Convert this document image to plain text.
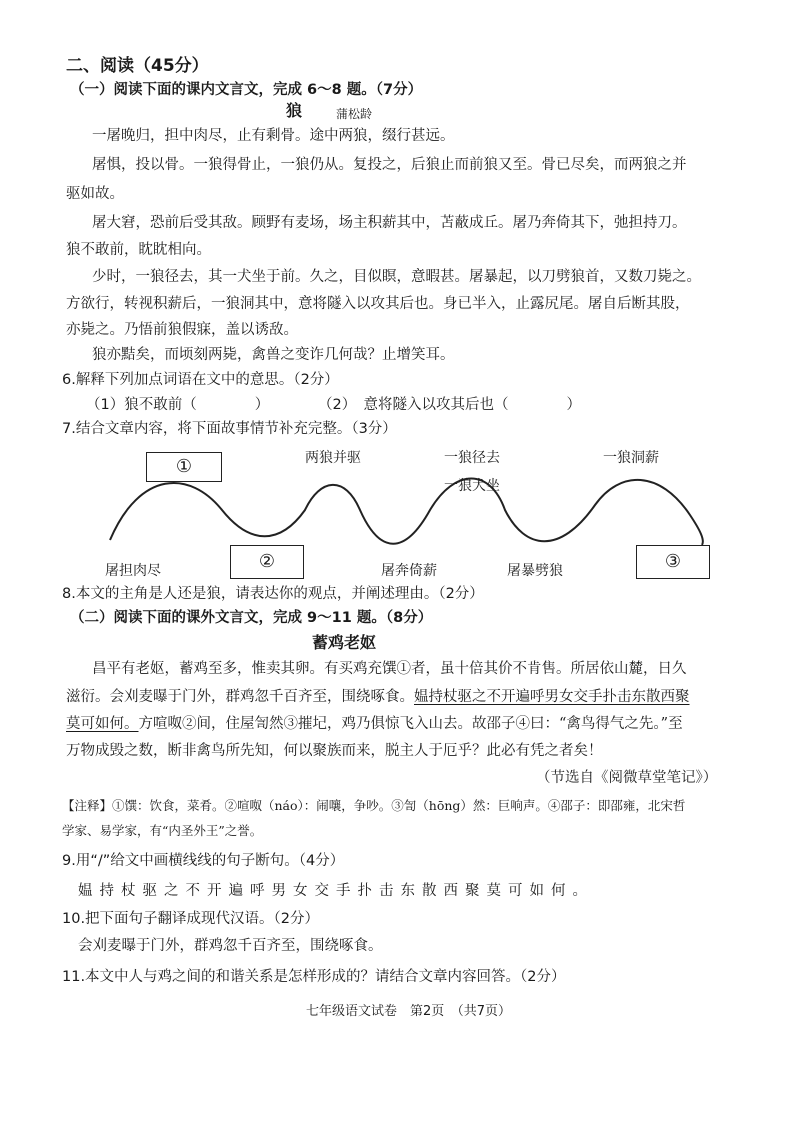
二、阅读（45分）
（一）阅读下面的课内文言文，完成 6～8 题。（7分）
狼	蒲松龄
一屠晚归，担中肉尽，止有剩骨。途中两狼，缀行甚远。
屠惧，投以骨。一狼得骨止，一狼仍从。复投之，后狼止而前狼又至。骨已尽矣，而两狼之并
驱如故。
屠大窘，恐前后受其敌。顾野有麦场，场主积薪其中，苫蔽成丘。屠乃奔倚其下，弛担持刀。
狼不敢前，眈眈相向。
少时，一狼径去，其一犬坐于前。久之，目似瞑，意暇甚。屠暴起，以刀劈狼首，又数刀毙之。
方欲行，转视积薪后，一狼洞其中，意将隧入以攻其后也。身已半入，止露尻尾。屠自后断其股，
亦毙之。乃悟前狼假寐，盖以诱敌。
狼亦黠矣，而顷刻两毙，禽兽之变诈几何哉？止增笑耳。
6.解释下列加点词语在文中的意思。（2分）
（1）狼不敢前（　　　　）	（2）　意将隧入以攻其后也（　　　　）
7.结合文章内容，将下面故事情节补充完整。（3分）
①
②	③
两狼并驱	一狼径去
一狼犬坐
一狼洞薪
屠担肉尽	屠奔倚薪	屠暴劈狼
8.本文的主角是人还是狼，请表达你的观点，并阐述理由。（2分）
（二）阅读下面的课外文言文，完成 9～11 题。（8分）
蓄鸡老妪
昌平有老妪，蓄鸡至多，惟卖其卵。有买鸡充馔①者，虽十倍其价不肯售。所居依山麓，日久
滋衍。会刈麦曝于门外，群鸡忽千百齐至，围绕啄食。媪持杖驱之不开遍呼男女交手扑击东散西聚
莫可如何。方喧呶②间，住屋訇然③摧圮，鸡乃俱惊飞入山去。故邵子④曰：“禽鸟得气之先。”至
万物成毁之数，断非禽鸟所先知，何以聚族而来，脱主人于厄乎？此必有凭之者矣！
（节选自《阅微草堂笔记》）
【注释】①馔：饮食，菜肴。②喧呶（náo）：闹嚷，争吵。③訇（hōng）然：巨响声。④邵子：即邵雍，北宋哲
学家、易学家，有“内圣外王”之誉。
9.用“/”给文中画横线线的句子断句。（4分）
媪持杖驱之不开遍呼男女交手扑击东散西聚莫可如何。
10.把下面句子翻译成现代汉语。（2分）
会刈麦曝于门外，群鸡忽千百齐至，围绕啄食。
11.本文中人与鸡之间的和谐关系是怎样形成的？请结合文章内容回答。（2分）
七年级语文试卷　第2页　（共7页）
